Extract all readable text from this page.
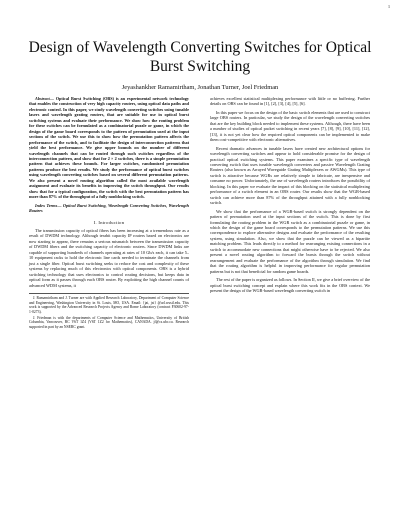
1
Design of Wavelength Converting Switches for Optical Burst Switching
Jeyashankher Ramamirtham, Jonathan Turner, Joel Friedman

Abstract— Optical Burst Switching (OBS) is an experimental network technology that enables the construction of very high capacity routers, using optical data paths and electronic control. In this paper, we study wavelength converting switches using tunable lasers and wavelength grating routers, that are suitable for use in optical burst switching systems and evaluate their performance. We show how the routing problem for these switches can be formulated as a combinatorial puzzle or game, in which the design of the game board corresponds to the pattern of permutation used at the input sections of the switch. We use this to show how the permutation pattern affects the performance of the switch, and to facilitate the design of interconnection patterns that yield the best performance. We give upper bounds on the number of different wavelength channels that can be routed through such switches regardless of the interconnection pattern, and show that for 2 × 2 switches, there is a simple permutation pattern that achieves these bounds. For larger switches, randomized permutation patterns produce the best results. We study the performance of optical burst switches using wavelength converting switches based on several different permutation patterns. We also present a novel routing algorithm called the most available wavelength assignment and evaluate its benefits in improving the switch throughput. Our results show that for a typical configuration, the switch with the best permutation pattern has more than 87% of the throughput of a fully nonblocking switch.

Index Terms— Optical Burst Switching, Wavelength Converting Switches, Wavelength Routers

I. Introduction

The transmission capacity of optical fibers has been increasing at a tremendous rate as a result of DWDM technology. Although terabit capacity IP routers based on electronics are now starting to appear, there remains a serious mismatch between the transmission capacity of DWDM fibers and the switching capacity of electronic routers. Since DWDM links are capable of supporting hundreds of channels operating at rates of 10 Gb/s each, it can take 5–10 equipment racks to hold the electronic line cards needed to terminate the channels from just a single fiber. Optical burst switching seeks to reduce the cost and complexity of these systems by replacing much of this electronics with optical components. OBS is a hybrid switching technology that uses electronics to control routing decisions, but keeps data in optical form as it passes through each OBS router. By exploiting the high channel counts of advanced WDM systems, it

J. Ramamirtham and J. Turner are with Applied Research Laboratory, Department of Computer Science and Engineering, Washington University in St. Louis, MO, USA. Email: {jai, jst} @arl.wustl.edu. This work is supported by the Advanced Research Projects Agency and Rome Laboratory (contract F30602-97-1-0273).

J. Friedman is with the departments of Computer Science and Mathematics, University of British Columbia, Vancouver, BC V6T 1Z4 (V6T 1Z2 for Mathematics), CANADA. jf@cs.ubc.ca. Research supported in part by an NSERC grant.

achieves excellent statistical multiplexing performance with little or no buffering. Further details on OBS can be found in [1], [2], [3], [4], [5], [6].

In this paper we focus on the design of the basic switch elements that are used to construct large OBS routers. In particular, we study the design of the wavelength converting switches that are the key building block needed to implement these systems. Although, there have been a number of studies of optical packet switching in recent years [7], [8], [9], [10], [11], [12], [13], it is not yet clear how the required optical components can be implemented to make them cost-competitive with electronic alternatives.

Recent dramatic advances in tunable lasers have created new architectural options for wavelength converting switches and appear to hold considerable promise for the design of practical optical switching systems. This paper examines a specific type of wavelength converting switch that uses tunable wavelength converters and passive Wavelength Grating Routers (also known as Arrayed Waveguide Grating Multiplexers or AWGMs). This type of switch is attractive because WGRs are relatively simple to fabricate, are inexpensive and consume no power. Unfortunately, the use of wavelength routers introduces the possibility of blocking. In this paper we evaluate the impact of this blocking on the statistical multiplexing performance of a switch element in an OBS router. Our results show that the WGR-based switch can achieve more than 87% of the throughput attained with a fully nonblocking switch.

We show that the performance of a WGR-based switch is strongly dependent on the pattern of permutation used at the input sections of the switch. This is done by first formulating the routing problem in the WGR switch as a combinatorial puzzle or game, in which the design of the game board corresponds to the permutation patterns. We use this correspondence to explore alternative designs and evaluate the performance of the resulting system, using simulation. Also, we show that the puzzle can be viewed as a bipartite matching problem. This leads directly to a method for rearranging existing connections in a switch to accommodate new connections that might otherwise have to be rejected. We also present a novel routing algorithm to forward the bursts through the switch without rearrangement and evaluate the performance of the algorithm through simulation. We find that the routing algorithm is helpful in improving performance for regular permutation patterns but is not that beneficial for random game boards.

The rest of the paper is organized as follows. In Section II, we give a brief overview of the optical burst switching concept and explain where this work fits in the OBS context. We present the design of the WGR-based wavelength converting switch in
